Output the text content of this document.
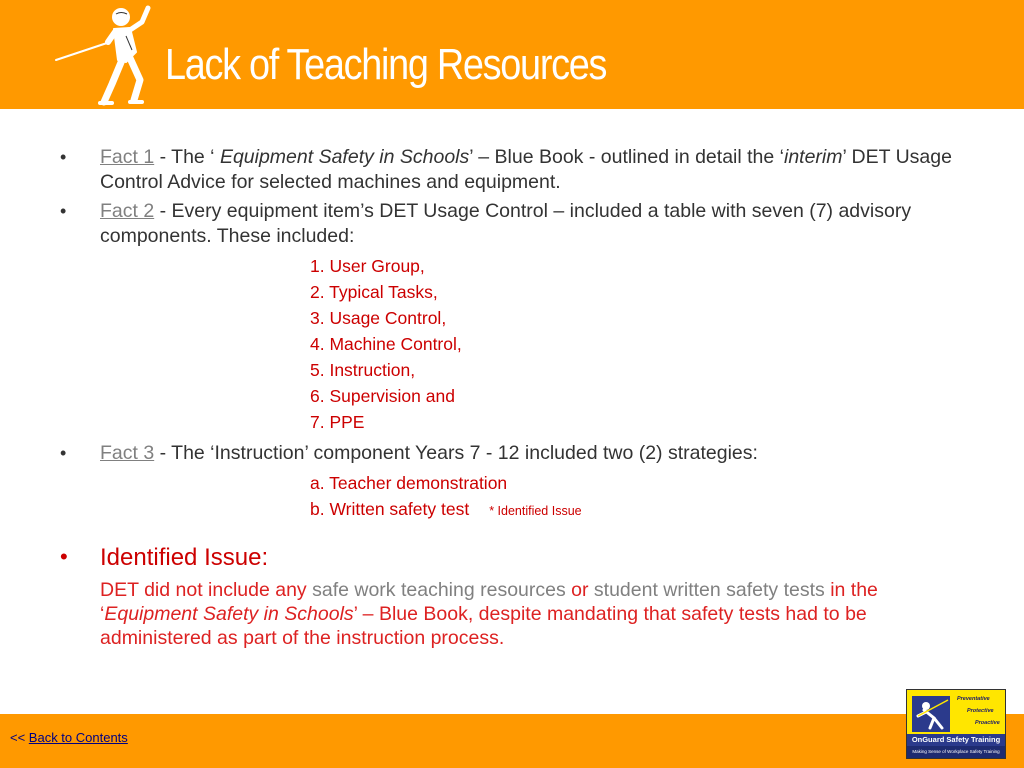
Lack of Teaching Resources
• Fact 1 - The ‘ Equipment Safety in Schools’ – Blue Book - outlined in detail the ‘interim’ DET Usage Control Advice for selected machines and equipment.
• Fact 2 - Every equipment item’s DET Usage Control – included a table with seven (7) advisory components. These included:
1. User Group,
2. Typical Tasks,
3. Usage Control,
4. Machine Control,
5. Instruction,
6. Supervision and
7. PPE
• Fact 3 - The ‘Instruction’ component Years 7 - 12 included two (2) strategies:
a. Teacher demonstration
b. Written safety test * Identified Issue
• Identified Issue:
DET did not include any safe work teaching resources or student written safety tests in the ‘Equipment Safety in Schools’ – Blue Book, despite mandating that safety tests had to be administered as part of the instruction process.
<< Back to Contents
Preventative
Protective
Proactive
OnGuard Safety Training
Making Sense of Workplace Safety Training
